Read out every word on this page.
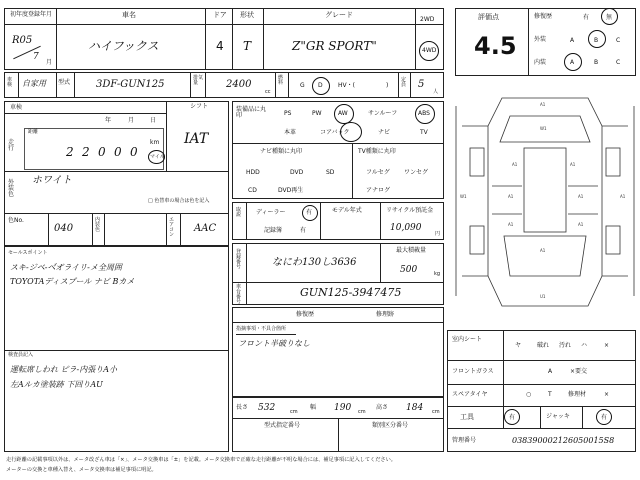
初年度登録年月	車名	ドア 形状	グレード
2WD
R05
7
月
ハイフックス	4 T	Z"GR SPORT"	4WD
車検	自家用 型式	3DF-GUN125
排気量	2400
cc
燃料	G D	HV・(	)
定員 5
人
車検
年	月	日
走行
距離
2 2 0 0 0
km
マイル
シフト
IAT
外装色
ホワイト
□ 色替車の場合は色を記入
色No.
040
内装色
エアコン
AAC
セールスポイント
スキ-ジベ-ベ゙オ゙ライリ-メ全周囲
TOYOTAディスプール ナビ Bカメ
検査員記入
運転席しわれ ピラ-内張りA小
左Aルカ塗装跡 下回りAU
装備品に丸印	PS	PW	AW	サンルーフ	ABS
本革	コアバック	ナビ	TV
ナビ種類に丸印
HDD	DVD	SD
CD	DVD再生
TV種類に丸印
フルセグ ワンセグ
アナログ
取説	ディーラー	有
記録簿	有
モデル年式	リサイクル預託金
10,090
円
登録番号	なにわ130し3636
最大積載量
500	kg
車台番号
GUN125-3947475
修復歴	修理跡
指摘事項・不具合箇所
フロント半破りなし
長さ 532	cm
幅 190 cm
高さ 184 cm
型式指定番号	類別区分番号
評価点
4.5
修復歴	有	無
外装	A	B	C
内装	A	B	C
A1
W1
A1	A1
A1	A1
A1
U1
A1	A1
W1	A1
室内シート
ヤ	破れ 汚れ ハ	×
フロントガラス	A	×要交
スペアタイヤ	○	T	修理材	×
工具	有	ジャッキ	有
管理番号	038390002126050015S8
走行距離の記載事項以外は、メータ改ざん車は「×」、メータ交換車は「±」を記載。メータ交換車で正確な走行距離が不明な場合には、補足事項に記入してください。
メーターの交換と車種入替え、メータ交換車は補足事項に明記。
